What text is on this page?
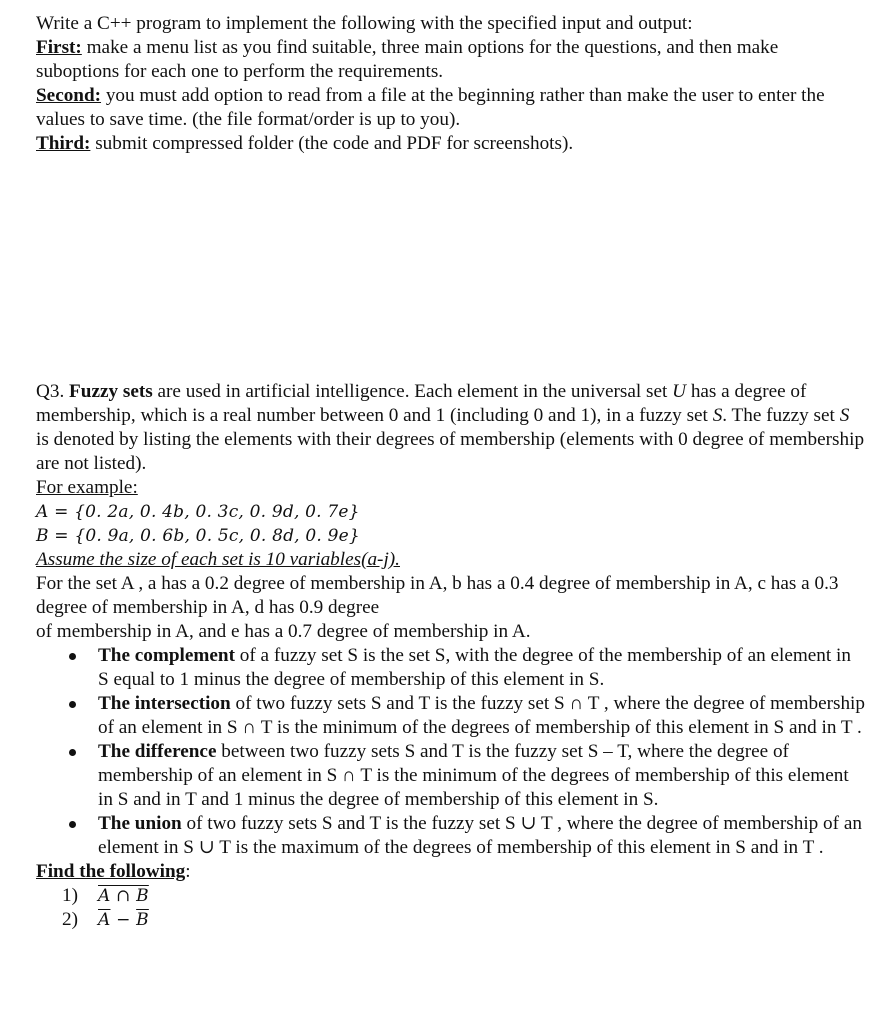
Write a C++ program to implement the following with the specified input and output:

First: make a menu list as you find suitable, three main options for the questions, and then make suboptions for each one to perform the requirements.

Second: you must add option to read from a file at the beginning rather than make the user to enter the values to save time. (the file format/order is up to you).

Third: submit compressed folder (the code and PDF for screenshots).

Q3. Fuzzy sets are used in artificial intelligence. Each element in the universal set U has a degree of membership, which is a real number between 0 and 1 (including 0 and 1), in a fuzzy set S. The fuzzy set S is denoted by listing the elements with their degrees of membership (elements with 0 degree of membership are not listed).

For example:

A = {0. 2a, 0. 4b, 0. 3c, 0. 9d, 0. 7e}

B = {0. 9a, 0. 6b, 0. 5c, 0. 8d, 0. 9e}

Assume the size of each set is 10 variables(a-j).

For the set A , a has a 0.2 degree of membership in A, b has a 0.4 degree of membership in A, c has a 0.3 degree of membership in A, d has 0.9 degree

of membership in A, and e has a 0.7 degree of membership in A.

The complement of a fuzzy set S is the set S, with the degree of the membership of an element in S equal to 1 minus the degree of membership of this element in S.
The intersection of two fuzzy sets S and T is the fuzzy set S ∩ T , where the degree of membership of an element in S ∩ T is the minimum of the degrees of membership of this element in S and in T .
The difference between two fuzzy sets S and T is the fuzzy set S – T, where the degree of membership of an element in S ∩ T is the minimum of the degrees of membership of this element in S and in T and 1 minus the degree of membership of this element in S.
The union of two fuzzy sets S and T is the fuzzy set S ∪ T , where the degree of membership of an element in S ∪ T is the maximum of the degrees of membership of this element in S and in T .

Find the following:

1) A ∩ B

2) $\overline{A} - \overline{B}$
